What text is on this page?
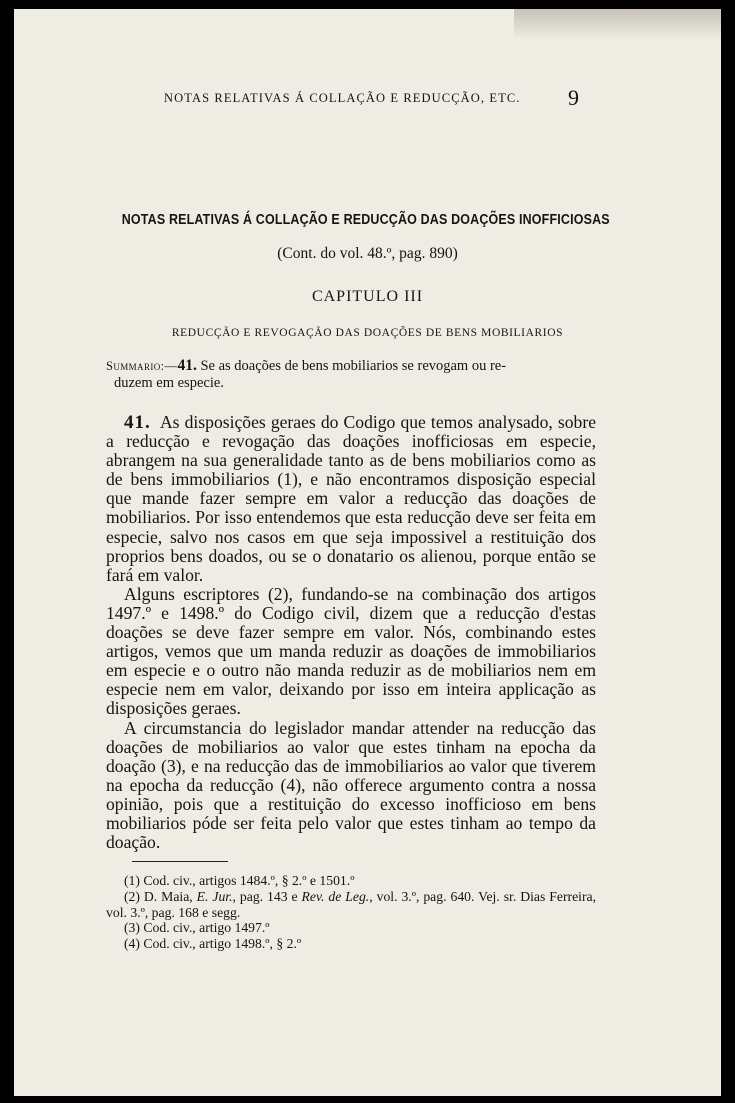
NOTAS RELATIVAS Á COLLAÇÃO E REDUCÇÃO, ETC.	9
NOTAS RELATIVAS Á COLLAÇÃO E REDUCÇÃO DAS DOAÇÕES INOFFICIOSAS
(Cont. do vol. 48.º, pag. 890)
CAPITULO III
REDUCÇÃO E REVOGAÇÃO DAS DOAÇÕES DE BENS MOBILIARIOS
Summario:—41. Se as doações de bens mobiliarios se revogam ou re-
duzem em especie.

41. As disposições geraes do Codigo que temos analysado, sobre a reducção e revogação das doações inofficiosas em especie, abrangem na sua generalidade tanto as de bens mobiliarios como as de bens immobiliarios (1), e não encontramos disposição especial que mande fazer sempre em valor a reducção das doações de mobiliarios. Por isso entendemos que esta reducção deve ser feita em especie, salvo nos casos em que seja impossivel a restituição dos proprios bens doados, ou se o donatario os alienou, porque então se fará em valor.

Alguns escriptores (2), fundando-se na combinação dos artigos 1497.º e 1498.º do Codigo civil, dizem que a reducção d'estas doações se deve fazer sempre em valor. Nós, combinando estes artigos, vemos que um manda reduzir as doações de immobiliarios em especie e o outro não manda reduzir as de mobiliarios nem em especie nem em valor, deixando por isso em inteira applicação as disposições geraes.

A circumstancia do legislador mandar attender na reducção das doações de mobiliarios ao valor que estes tinham na epocha da doação (3), e na reducção das de immobiliarios ao valor que tiverem na epocha da reducção (4), não offerece argumento contra a nossa opinião, pois que a restituição do excesso inofficioso em bens mobiliarios póde ser feita pelo valor que estes tinham ao tempo da doação.

(1) Cod. civ., artigos 1484.º, § 2.º e 1501.º

(2) D. Maia, E. Jur., pag. 143 e Rev. de Leg., vol. 3.º, pag. 640. Vej. sr. Dias Ferreira, vol. 3.º, pag. 168 e segg.

(3) Cod. civ., artigo 1497.º

(4) Cod. civ., artigo 1498.º, § 2.º
